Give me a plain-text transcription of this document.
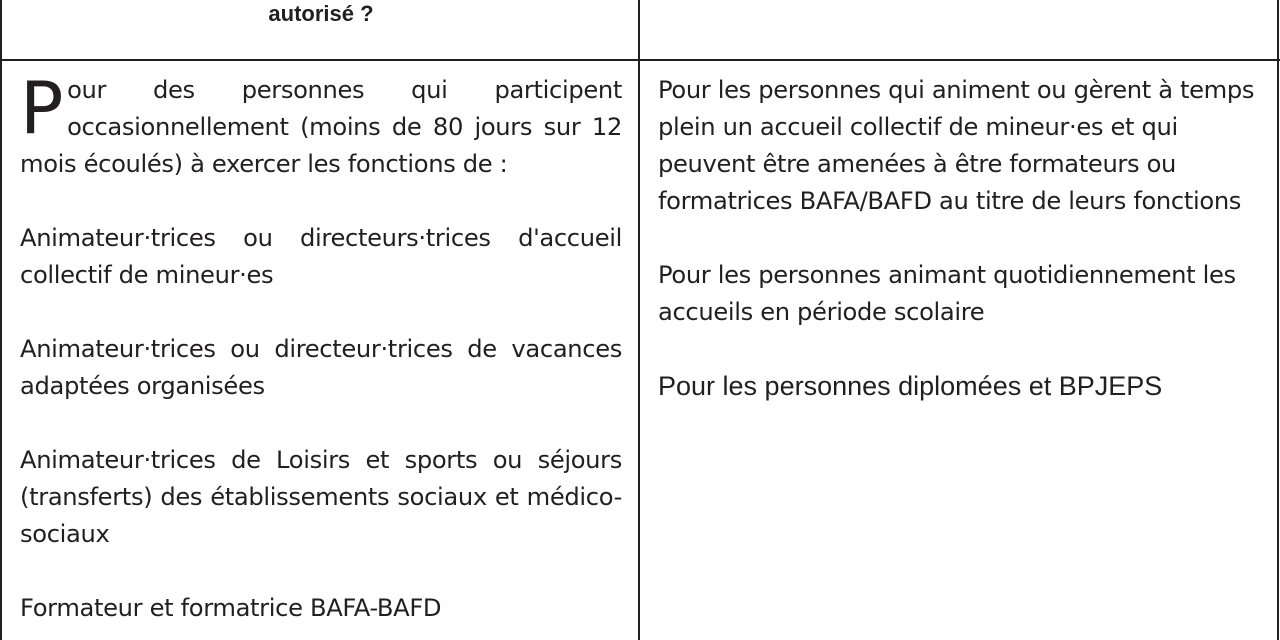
autorisé ?

Pour des personnes qui participent occasionnellement (moins de 80 jours sur 12 mois écoulés) à exercer les fonctions de :

Animateur·trices ou directeurs·trices d'accueil collectif de mineur·es

Animateur·trices ou directeur·trices de vacances adaptées organisées

Animateur·trices de Loisirs et sports ou séjours (transferts) des établissements sociaux et médico-sociaux

Formateur et formatrice BAFA-BAFD

Pour les personnes qui animent ou gèrent à temps plein un accueil collectif de mineur·es et qui peuvent être amenées à être formateurs ou formatrices BAFA/BAFD au titre de leurs fonctions

Pour les personnes animant quotidiennement les accueils en période scolaire

Pour les personnes diplomées et BPJEPS
